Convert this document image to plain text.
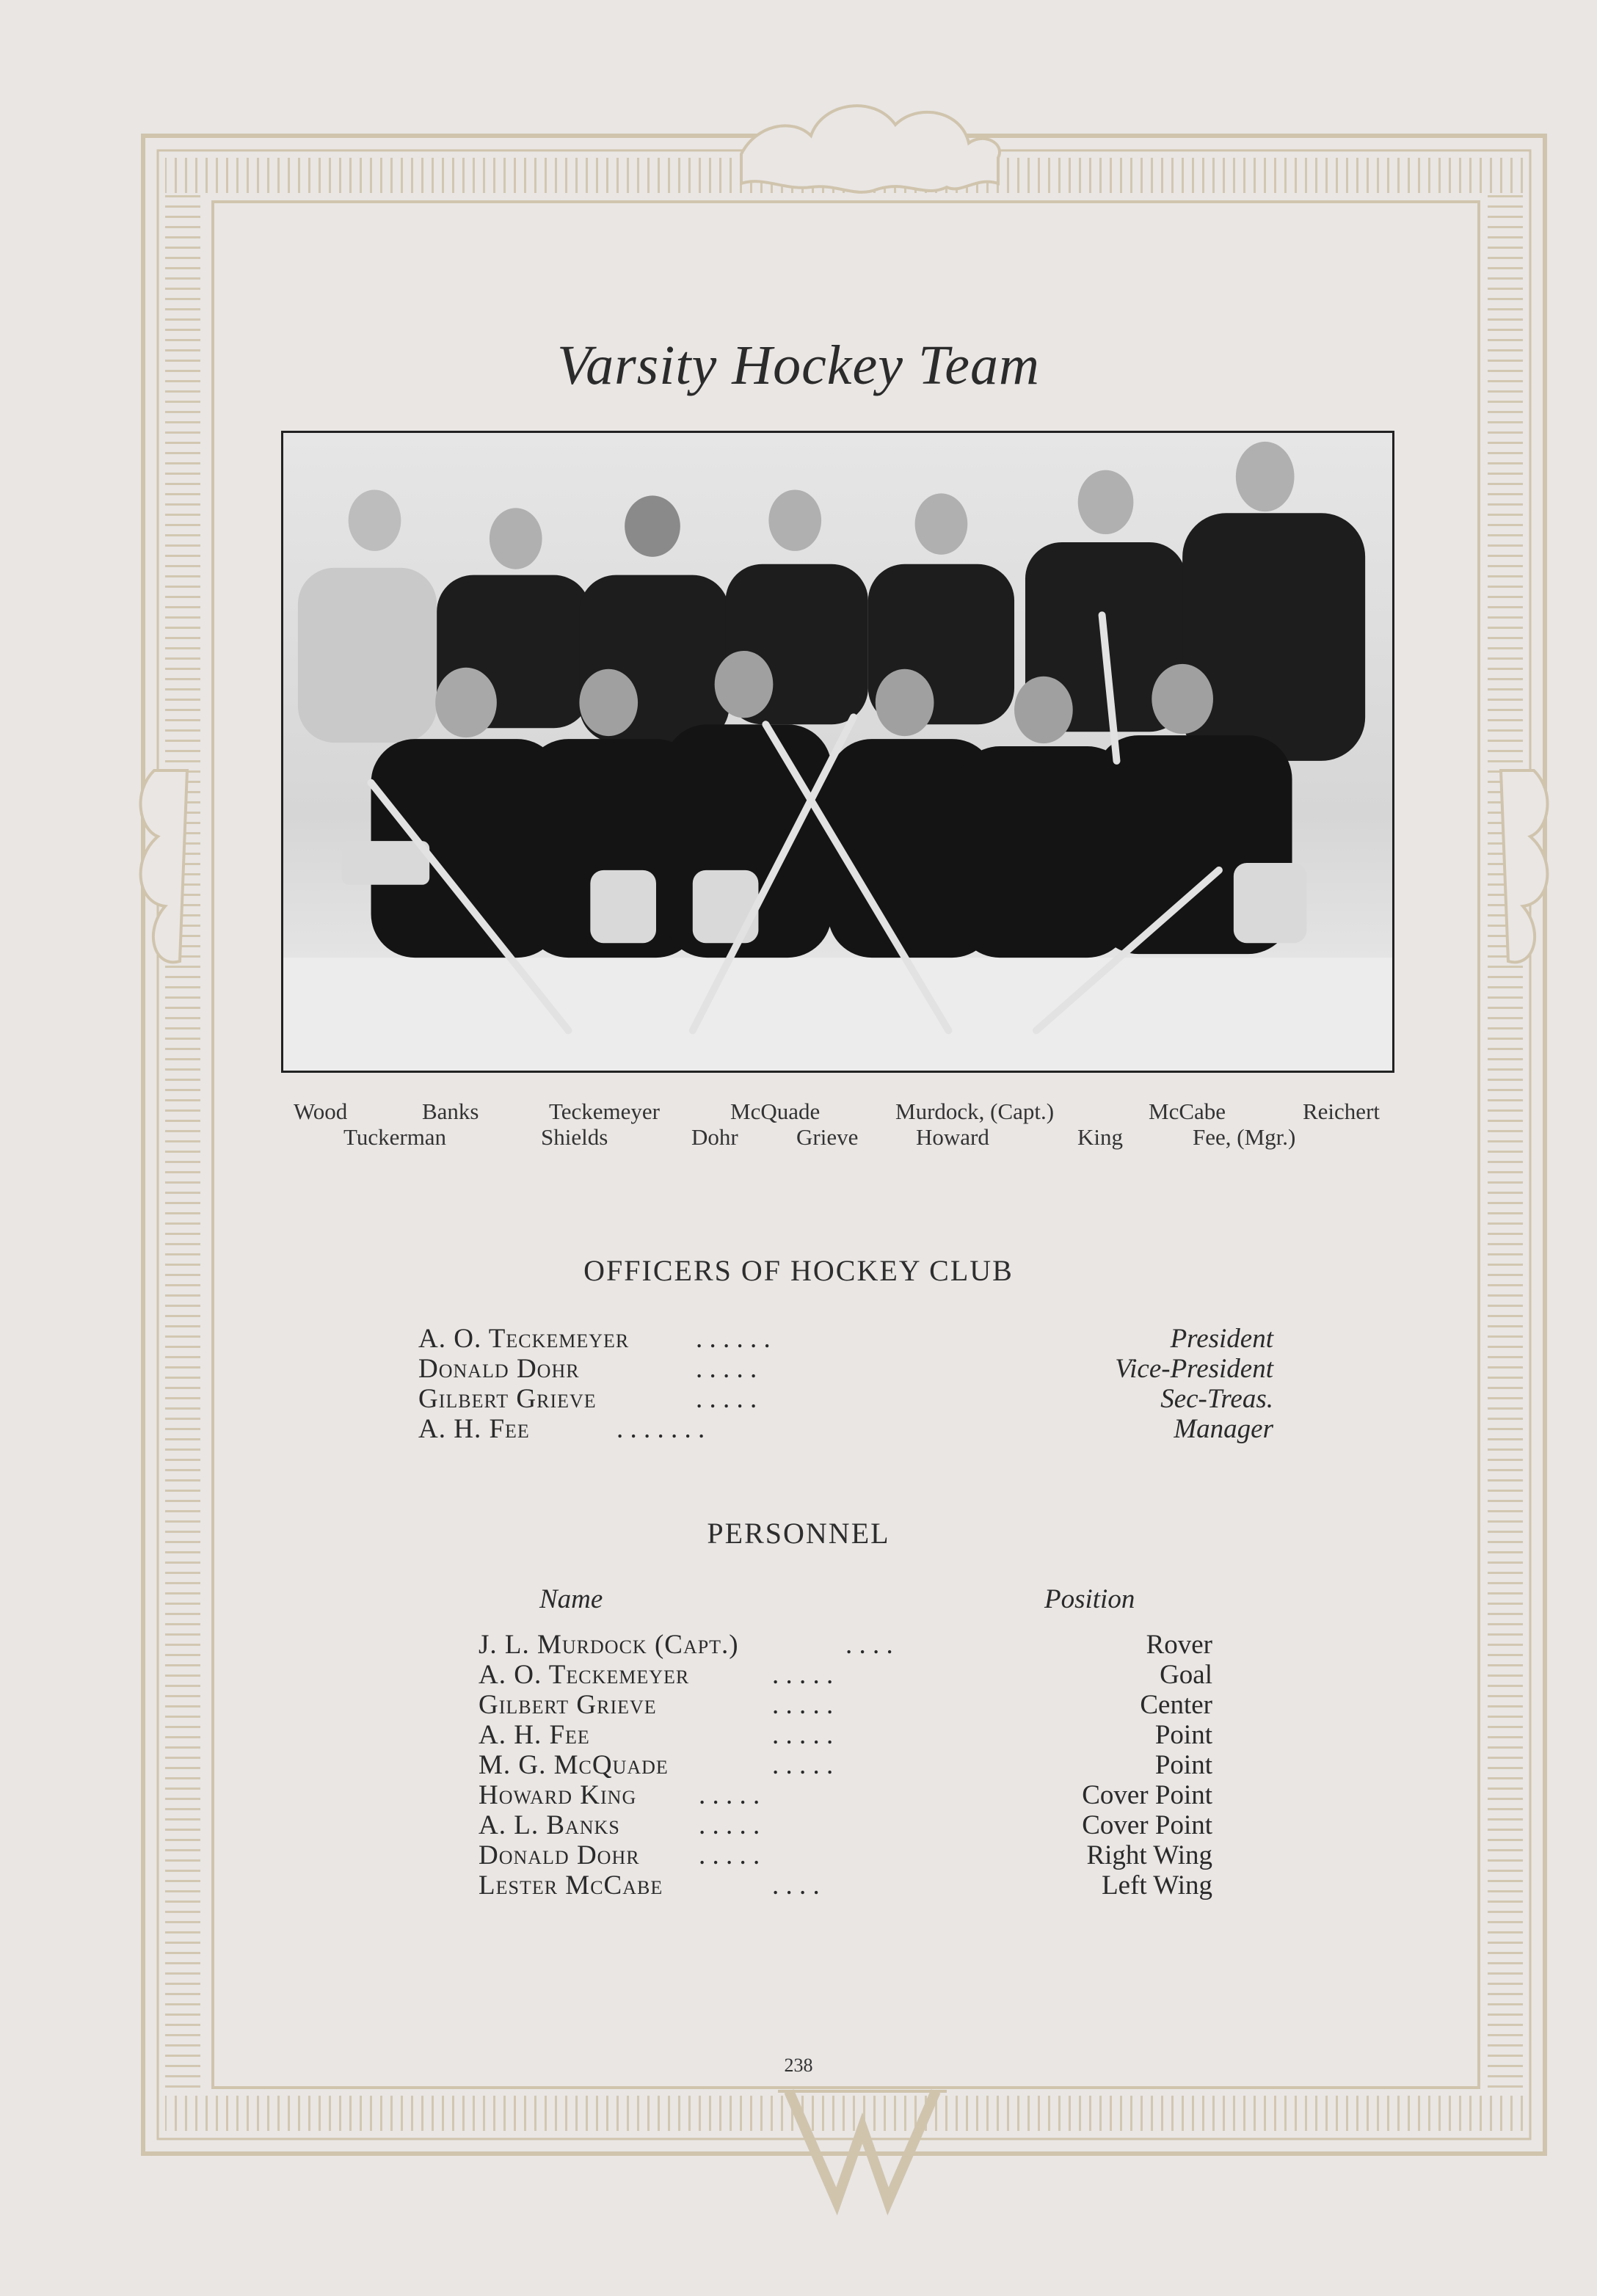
Varsity Hockey Team
Wood	Banks	Teckemeyer	McQuade	Murdock, (Capt.)	McCabe	Reichert
Tuckerman	Shields	Dohr	Grieve	Howard	King	Fee, (Mgr.)
OFFICERS OF HOCKEY CLUB
A. O. Teckemeyer . . . . . .	President
Donald Dohr	. . . . .	Vice-President
Gilbert Grieve	. . . . .	Sec-Treas.
A. H. Fee	. . . . . . .	Manager
PERSONNEL
Name	Position
J. L. Murdock (Capt.)	. . . .	Rover
A. O. Teckemeyer	. . . . .	Goal
Gilbert Grieve	. . . . .	Center
A. H. Fee	. . . . .	Point
M. G. McQuade	. . . . .	Point
Howard King . . . . .	Cover Point
A. L. Banks	. . . . .	Cover Point
Donald Dohr . . . . .	Right Wing
Lester McCabe	. . . .	Left Wing
238
